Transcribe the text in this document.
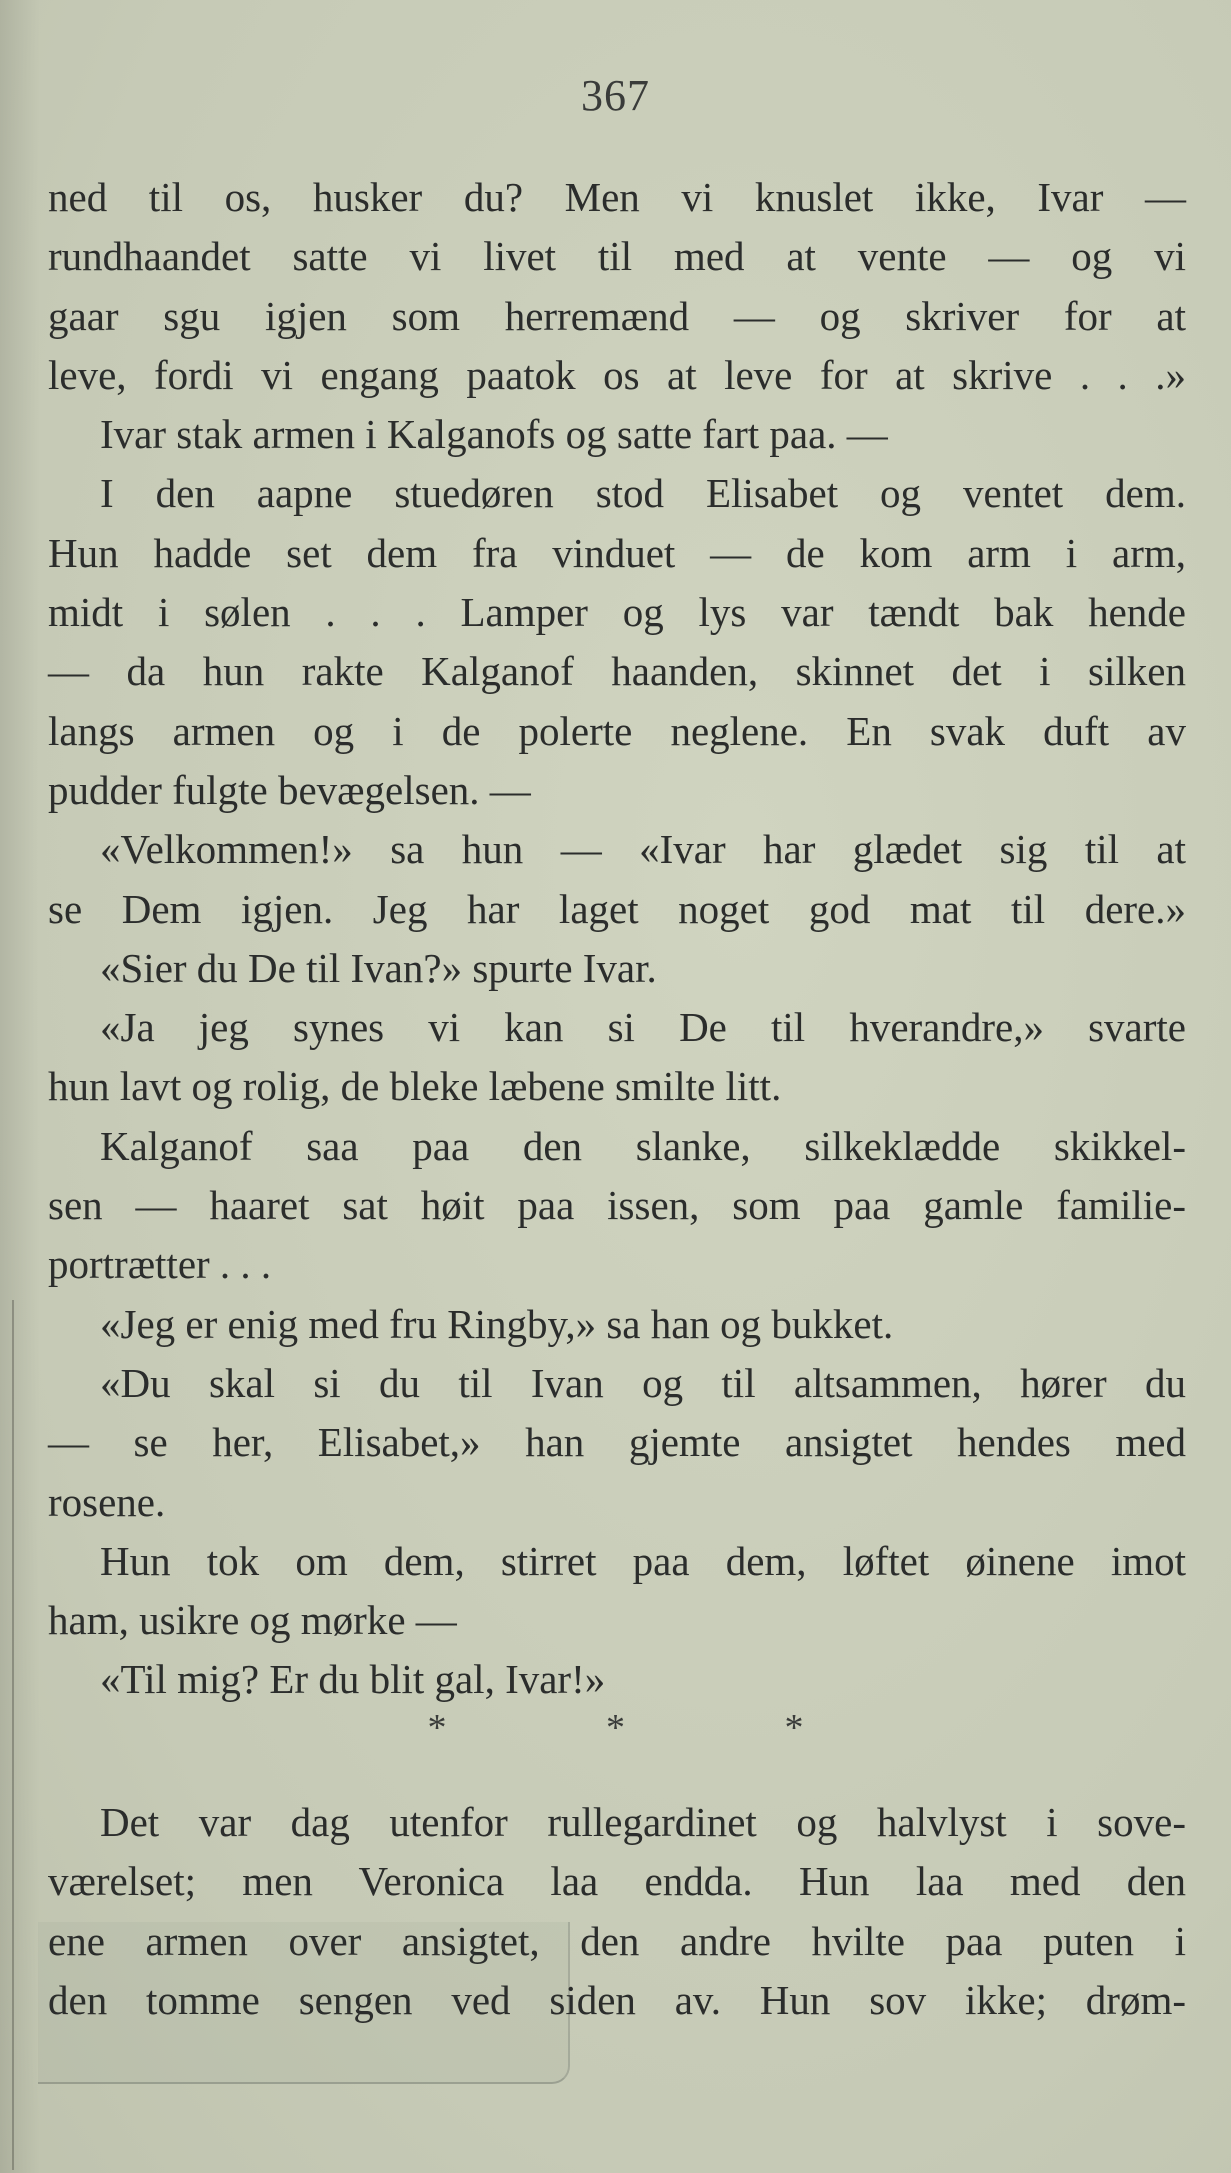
367
ned til os, husker du? Men vi knuslet ikke, Ivar —
rundhaandet satte vi livet til med at vente — og vi
gaar sgu igjen som herremænd — og skriver for at
leve, fordi vi engang paatok os at leve for at skrive . . .»
Ivar stak armen i Kalganofs og satte fart paa. —
I den aapne stuedøren stod Elisabet og ventet dem.
Hun hadde set dem fra vinduet — de kom arm i arm,
midt i sølen . . . Lamper og lys var tændt bak hende
— da hun rakte Kalganof haanden, skinnet det i silken
langs armen og i de polerte neglene. En svak duft av
pudder fulgte bevægelsen. —
«Velkommen!» sa hun — «Ivar har glædet sig til at
se Dem igjen. Jeg har laget noget god mat til dere.»
«Sier du De til Ivan?» spurte Ivar.
«Ja jeg synes vi kan si De til hverandre,» svarte
hun lavt og rolig, de bleke læbene smilte litt.
Kalganof saa paa den slanke, silkeklædde skikkel-
sen — haaret sat høit paa issen, som paa gamle familie-
portrætter . . .
«Jeg er enig med fru Ringby,» sa han og bukket.
«Du skal si du til Ivan og til altsammen, hører du
— se her, Elisabet,» han gjemte ansigtet hendes med
rosene.
Hun tok om dem, stirret paa dem, løftet øinene imot
ham, usikre og mørke —
«Til mig? Er du blit gal, Ivar!»
* * *
Det var dag utenfor rullegardinet og halvlyst i sove-
værelset; men Veronica laa endda. Hun laa med den
ene armen over ansigtet, den andre hvilte paa puten i
den tomme sengen ved siden av. Hun sov ikke; drøm-
